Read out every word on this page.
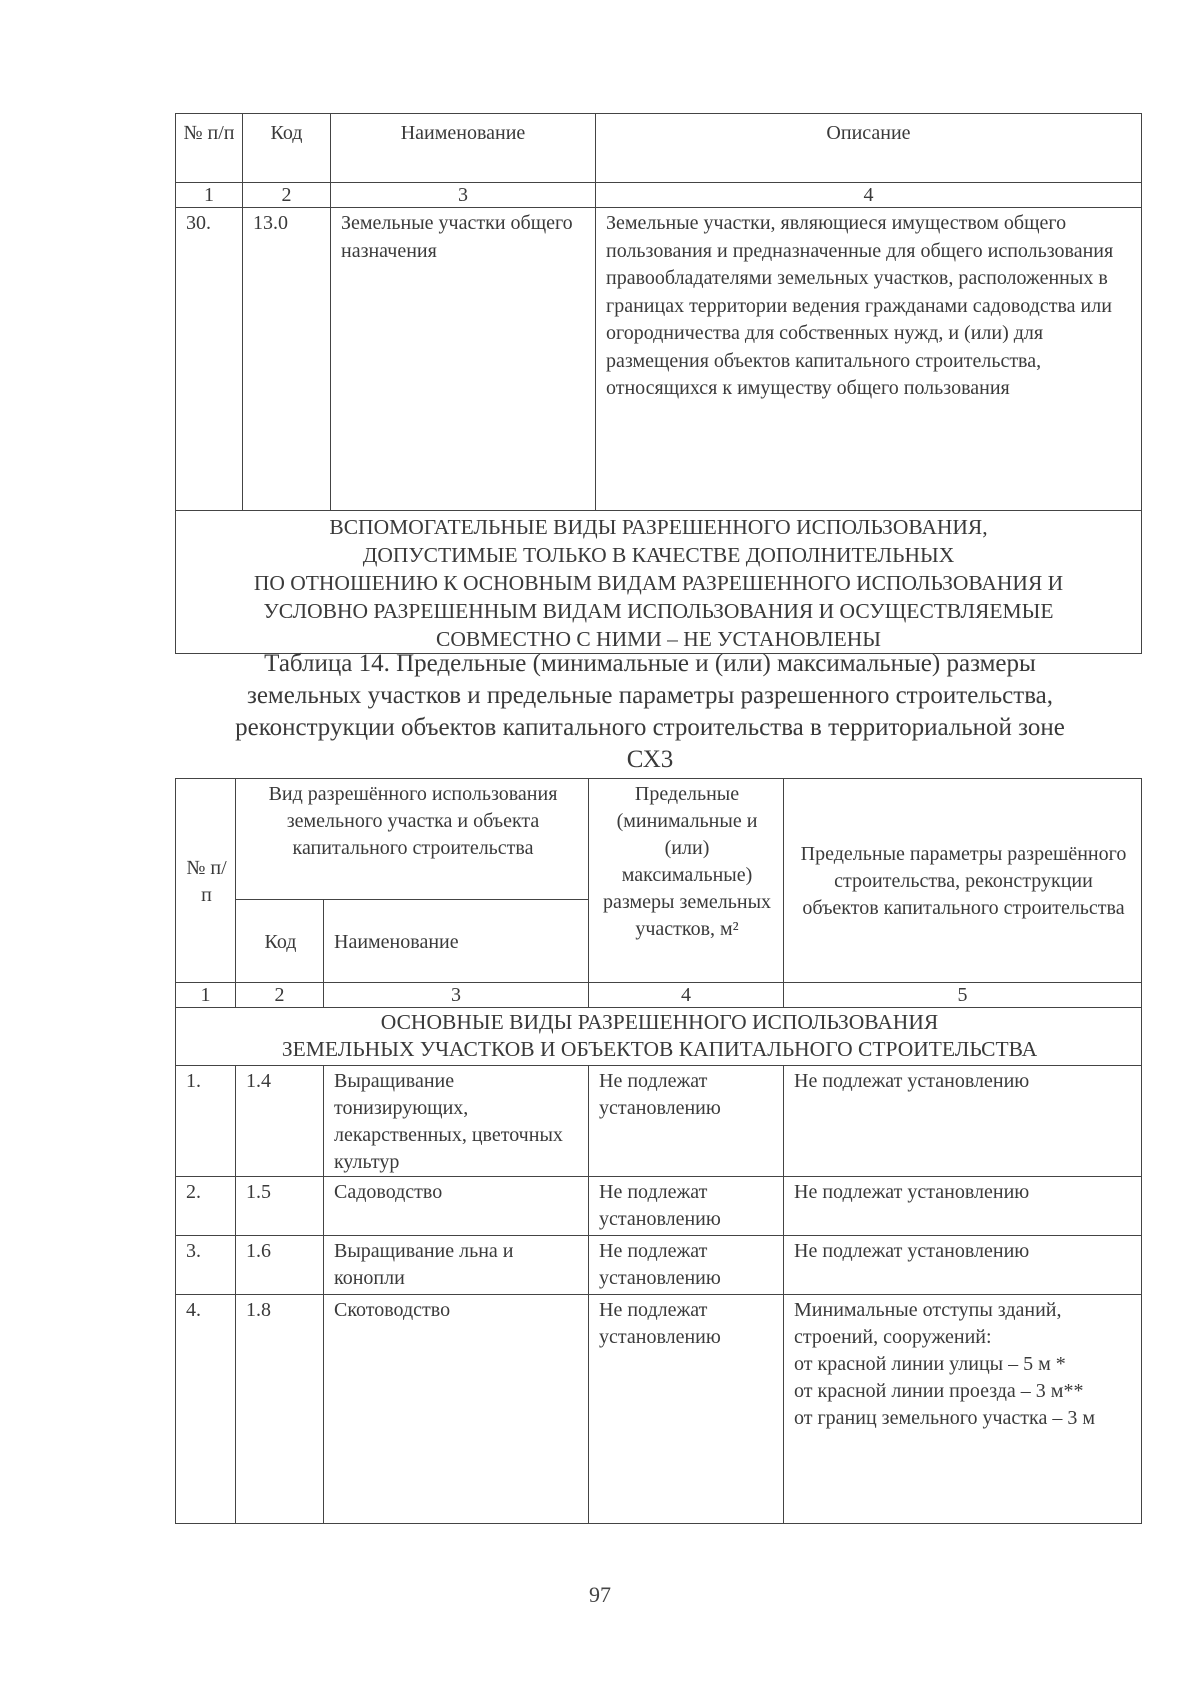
№ п/п	Код	Наименование	Описание
1	2	3	4
30.	13.0	Земельные участки общего назначения	Земельные участки, являющиеся имуществом общего пользования и предназначенные для общего использования правообладателями земельных участков, расположенных в границах территории ведения гражданами садоводства или огородничества для собственных нужд, и (или) для размещения объектов капитального строительства, относящихся к имуществу общего пользования

ВСПОМОГАТЕЛЬНЫЕ ВИДЫ РАЗРЕШЕННОГО ИСПОЛЬЗОВАНИЯ,
ДОПУСТИМЫЕ ТОЛЬКО В КАЧЕСТВЕ ДОПОЛНИТЕЛЬНЫХ
ПО ОТНОШЕНИЮ К ОСНОВНЫМ ВИДАМ РАЗРЕШЕННОГО ИСПОЛЬЗОВАНИЯ И
УСЛОВНО РАЗРЕШЕННЫМ ВИДАМ ИСПОЛЬЗОВАНИЯ И ОСУЩЕСТВЛЯЕМЫЕ
СОВМЕСТНО С НИМИ – НЕ УСТАНОВЛЕНЫ			
Таблица 14. Предельные (минимальные и (или) максимальные) размеры
земельных участков и предельные параметры разрешенного строительства,
реконструкции объектов капитального строительства в территориальной зоне
СХ3
№ п/п	Вид разрешённого использования земельного участка и объекта капитального строительства		Предельные (минимальные и (или) максимальные) размеры земельных участков, м²	Предельные параметры разрешённого строительства, реконструкции объектов капитального строительства
	Код	Наименование		
1	2	3	4	5

ОСНОВНЫЕ ВИДЫ РАЗРЕШЕННОГО ИСПОЛЬЗОВАНИЯ
ЗЕМЕЛЬНЫХ УЧАСТКОВ И ОБЪЕКТОВ КАПИТАЛЬНОГО СТРОИТЕЛЬСТВА				

1.	1.4	Выращивание тонизирующих, лекарственных, цветочных культур	Не подлежат установлению	Не подлежат установлению
2.	1.5	Садоводство	Не подлежат установлению	Не подлежат установлению
3.	1.6	Выращивание льна и конопли	Не подлежат установлению	Не подлежат установлению
4.	1.8	Скотоводство	Не подлежат установлению	Минимальные отступы зданий, строений, сооружений:
от красной линии улицы – 5 м *
от красной линии проезда – 3 м**
от границ земельного участка – 3 м
97
